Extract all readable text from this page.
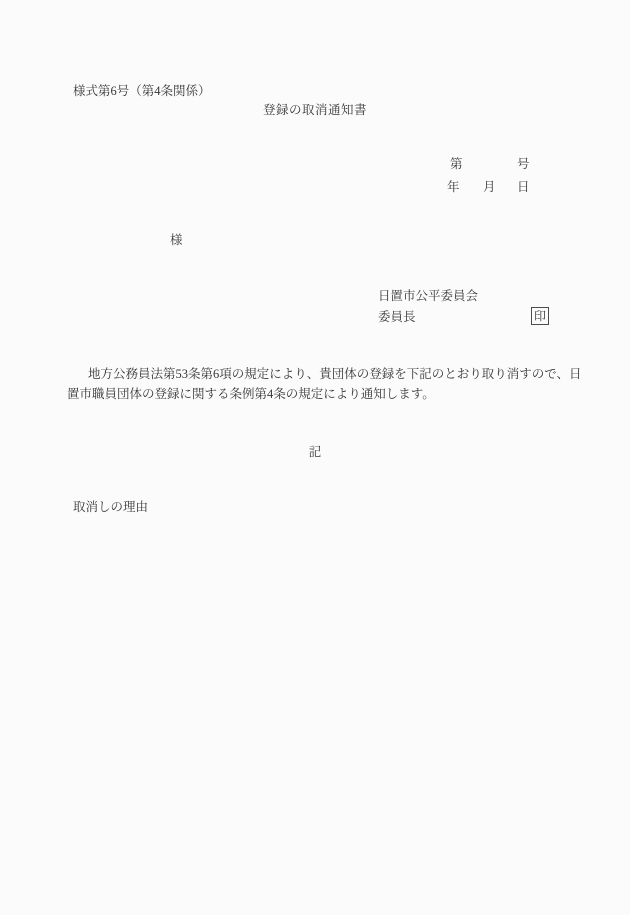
様式第6号（第4条関係）
登録の取消通知書
第	号
年 月 日
様
日置市公平委員会
委員長	印
地方公務員法第53条第6項の規定により、貴団体の登録を下記のとおり取り消すので、日
置市職員団体の登録に関する条例第4条の規定により通知します。
記
取消しの理由
